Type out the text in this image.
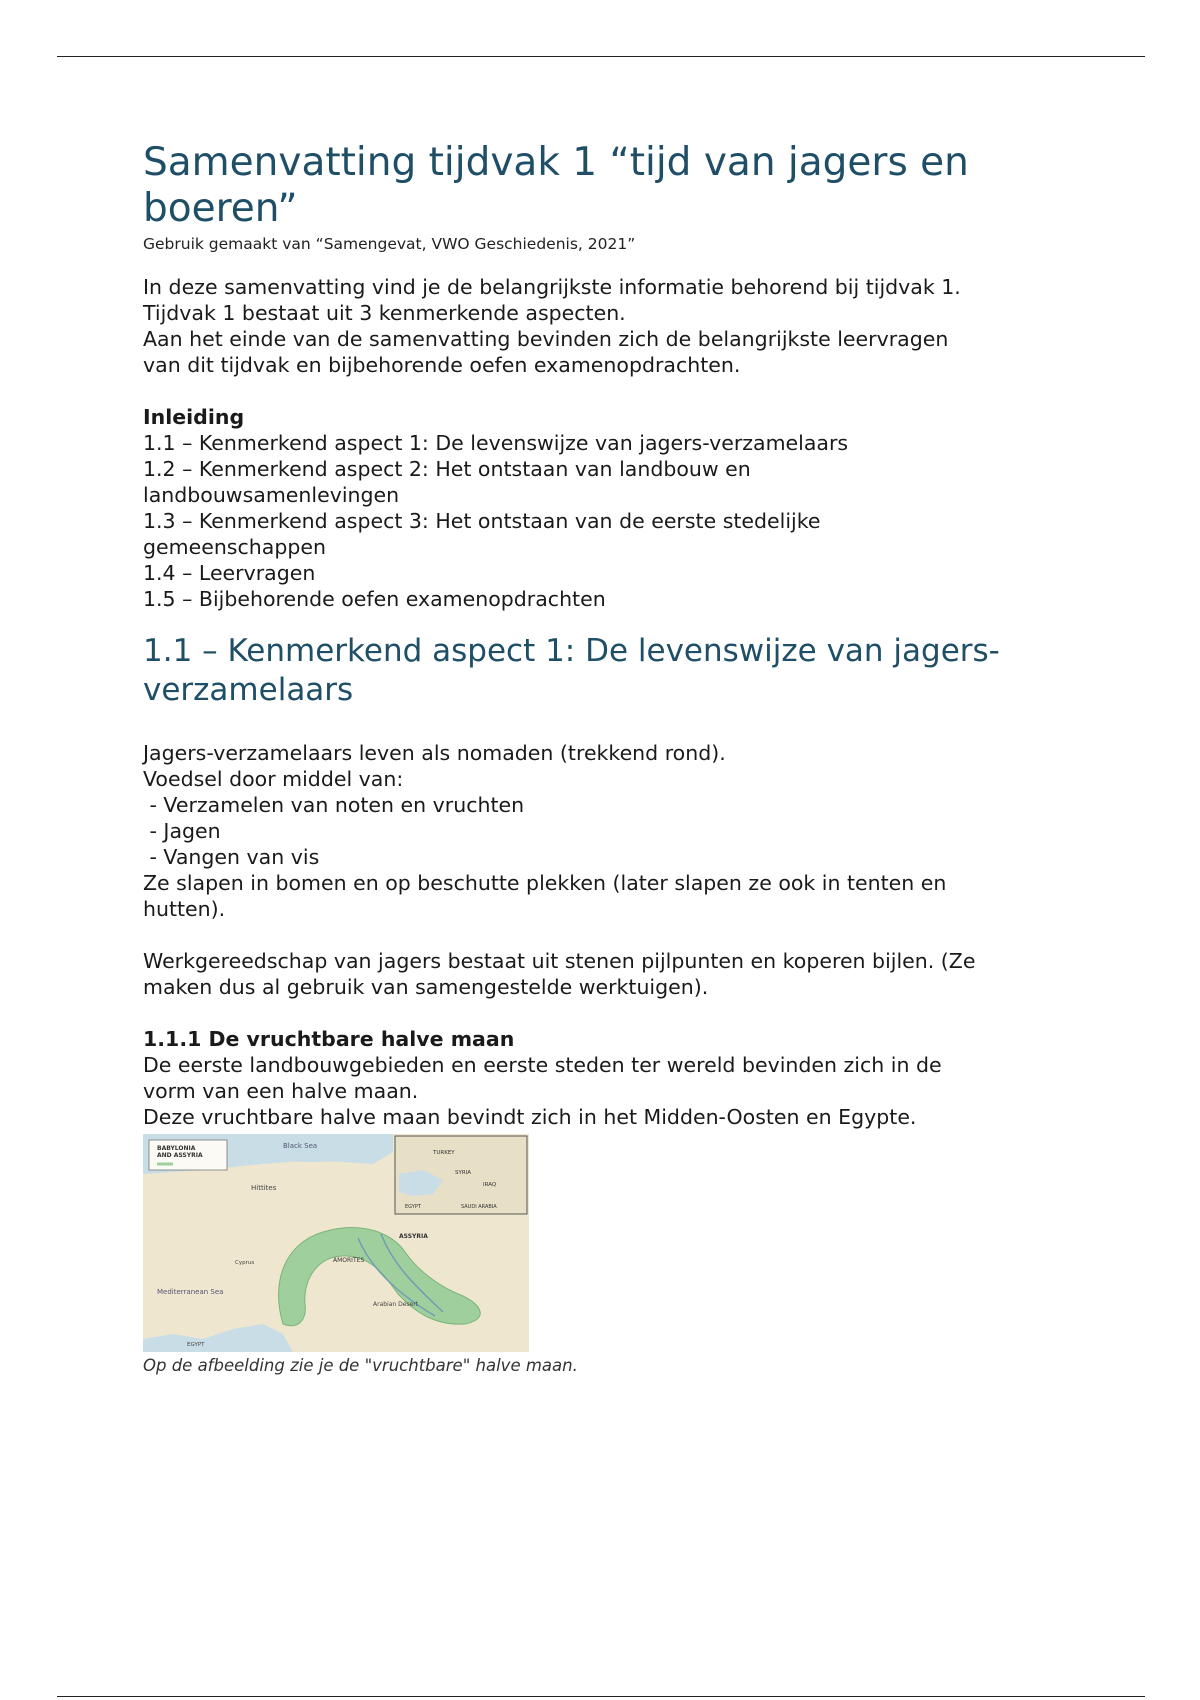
Samenvatting tijdvak 1 “tijd van jagers en boeren”

Gebruik gemaakt van “Samengevat, VWO Geschiedenis, 2021”

In deze samenvatting vind je de belangrijkste informatie behorend bij tijdvak 1.
Tijdvak 1 bestaat uit 3 kenmerkende aspecten.
Aan het einde van de samenvatting bevinden zich de belangrijkste leervragen
van dit tijdvak en bijbehorende oefen examenopdrachten.

Inleiding
1.1 – Kenmerkend aspect 1: De levenswijze van jagers-verzamelaars
1.2 – Kenmerkend aspect 2: Het ontstaan van landbouw en
landbouwsamenlevingen
1.3 – Kenmerkend aspect 3: Het ontstaan van de eerste stedelijke
gemeenschappen
1.4 – Leervragen
1.5 – Bijbehorende oefen examenopdrachten
1.1 – Kenmerkend aspect 1: De levenswijze van jagers-
verzamelaars

Jagers-verzamelaars leven als nomaden (trekkend rond).
Voedsel door middel van:
- Verzamelen van noten en vruchten
- Jagen
- Vangen van vis
Ze slapen in bomen en op beschutte plekken (later slapen ze ook in tenten en
hutten).

Werkgereedschap van jagers bestaat uit stenen pijlpunten en koperen bijlen. (Ze
maken dus al gebruik van samengestelde werktuigen).

1.1.1 De vruchtbare halve maan
De eerste landbouwgebieden en eerste steden ter wereld bevinden zich in de
vorm van een halve maan.
Deze vruchtbare halve maan bevindt zich in het Midden-Oosten en Egypte.
BABYLONIA
AND ASSYRIA	TURKEY
SYRIA
IRAQ
SAUDI ARABIA
EGYPT
Black Sea
Hittites
Mediterranean Sea
Cyprus
ASSYRIA
AMORITES
Arabian Desert
EGYPT
Op de afbeelding zie je de "vruchtbare" halve maan.
